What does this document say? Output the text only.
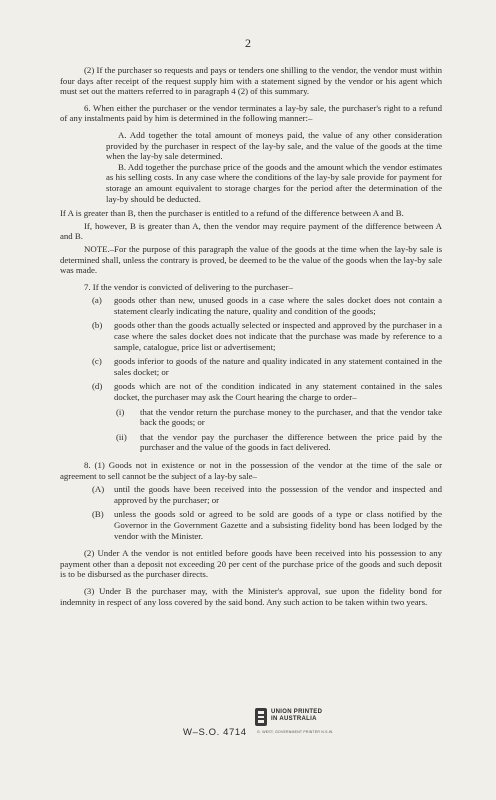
2

(2) If the purchaser so requests and pays or tenders one shilling to the vendor, the vendor must within four days after receipt of the request supply him with a statement signed by the vendor or his agent which must set out the matters referred to in paragraph 4 (2) of this summary.

6. When either the purchaser or the vendor terminates a lay-by sale, the purchaser's right to a refund of any instalments paid by him is determined in the following manner:–

A. Add together the total amount of moneys paid, the value of any other consideration provided by the purchaser in respect of the lay-by sale, and the value of the goods at the time when the lay-by sale determined.

B. Add together the purchase price of the goods and the amount which the vendor estimates as his selling costs. In any case where the conditions of the lay-by sale provide for payment for storage an amount equivalent to storage charges for the period after the determination of the lay-by should be deducted.

If A is greater than B, then the purchaser is entitled to a refund of the difference between A and B.

If, however, B is greater than A, then the vendor may require payment of the difference between A and B.

NOTE.–For the purpose of this paragraph the value of the goods at the time when the lay-by sale is determined shall, unless the contrary is proved, be deemed to be the value of the goods when the lay-by sale was made.

7. If the vendor is convicted of delivering to the purchaser–

(a)	goods other than new, unused goods in a case where the sales docket does not contain a statement clearly indicating the nature, quality and condition of the goods;
(b)	goods other than the goods actually selected or inspected and approved by the purchaser in a case where the sales docket does not indicate that the purchase was made by reference to a sample, catalogue, price list or advertisement;
(c)	goods inferior to goods of the nature and quality indicated in any statement contained in the sales docket; or
(d)	goods which are not of the condition indicated in any statement contained in the sales docket, the purchaser may ask the Court hearing the charge to order–
(i)	that the vendor return the purchase money to the purchaser, and that the vendor take back the goods; or
(ii)	that the vendor pay the purchaser the difference between the price paid by the purchaser and the value of the goods in fact delivered.

8. (1) Goods not in existence or not in the possession of the vendor at the time of the sale or agreement to sell cannot be the subject of a lay-by sale–

(A)	until the goods have been received into the possession of the vendor and inspected and approved by the purchaser; or
(B)	unless the goods sold or agreed to be sold are goods of a type or class notified by the Governor in the Government Gazette and a subsisting fidelity bond has been lodged by the vendor with the Minister.

(2) Under A the vendor is not entitled before goods have been received into his possession to any payment other than a deposit not exceeding 20 per cent of the purchase price of the goods and such deposit is to be disbursed as the purchaser directs.

(3) Under B the purchaser may, with the Minister's approval, sue upon the fidelity bond for indemnity in respect of any loss covered by the said bond. Any such action to be taken within two years.

W–S.O. 4714
UNION PRINTED
IN AUSTRALIA
G. WEST, GOVERNMENT PRINTER N.S.W.
